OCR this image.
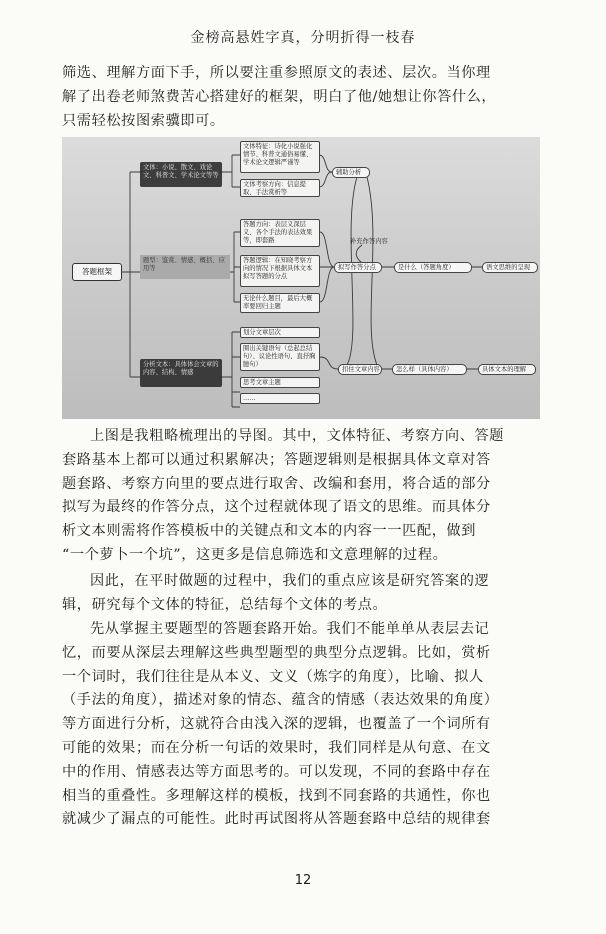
金榜高悬姓字真，分明折得一枝春
筛选、理解方面下手，所以要注重参照原文的表述、层次。当你理
解了出卷老师煞费苦心搭建好的框架，明白了他/她想让你答什么，
只需轻松按图索骥即可。
答题框架
文体：小说、散文、戏论文、科普文、学术论文等等
文体特征：诗化小说强化情节、科普文通俗易懂、学术论文逻辑严谨等
文体考察方向：信息提取、手法赏析等
辅助分析
题型：鉴赏、情感、概括、应用等
答题方向：表层义深层义、各个手法的表达效果等，即套路
答题逻辑：在知晓考察方向的情况下根据具体文本拟写答题的分点
无论什么题目，最后大概率要回归主题
补充作答内容
拟写作答分点	是什么（答题角度）	语文思维的呈现
分析文本：具体体会文章的内容、结构、情感
划分文章层次
圈出关键语句（总起总结句）、议论性语句、直抒胸臆句）
思考文章主题
……
扣住文章内容	怎么样（具体内容）	具体文本的理解
上图是我粗略梳理出的导图。其中，文体特征、考察方向、答题
套路基本上都可以通过积累解决；答题逻辑则是根据具体文章对答
题套路、考察方向里的要点进行取舍、改编和套用，将合适的部分
拟写为最终的作答分点，这个过程就体现了语文的思维。而具体分
析文本则需将作答模板中的关键点和文本的内容一一匹配，做到
“一个萝卜一个坑”，这更多是信息筛选和文意理解的过程。
因此，在平时做题的过程中，我们的重点应该是研究答案的逻
辑，研究每个文体的特征，总结每个文体的考点。
先从掌握主要题型的答题套路开始。我们不能单单从表层去记
忆，而要从深层去理解这些典型题型的典型分点逻辑。比如，赏析
一个词时，我们往往是从本义、文义（炼字的角度），比喻、拟人
（手法的角度），描述对象的情态、蕴含的情感（表达效果的角度）
等方面进行分析，这就符合由浅入深的逻辑，也覆盖了一个词所有
可能的效果；而在分析一句话的效果时，我们同样是从句意、在文
中的作用、情感表达等方面思考的。可以发现，不同的套路中存在
相当的重叠性。多理解这样的模板，找到不同套路的共通性，你也
就减少了漏点的可能性。此时再试图将从答题套路中总结的规律套
12
